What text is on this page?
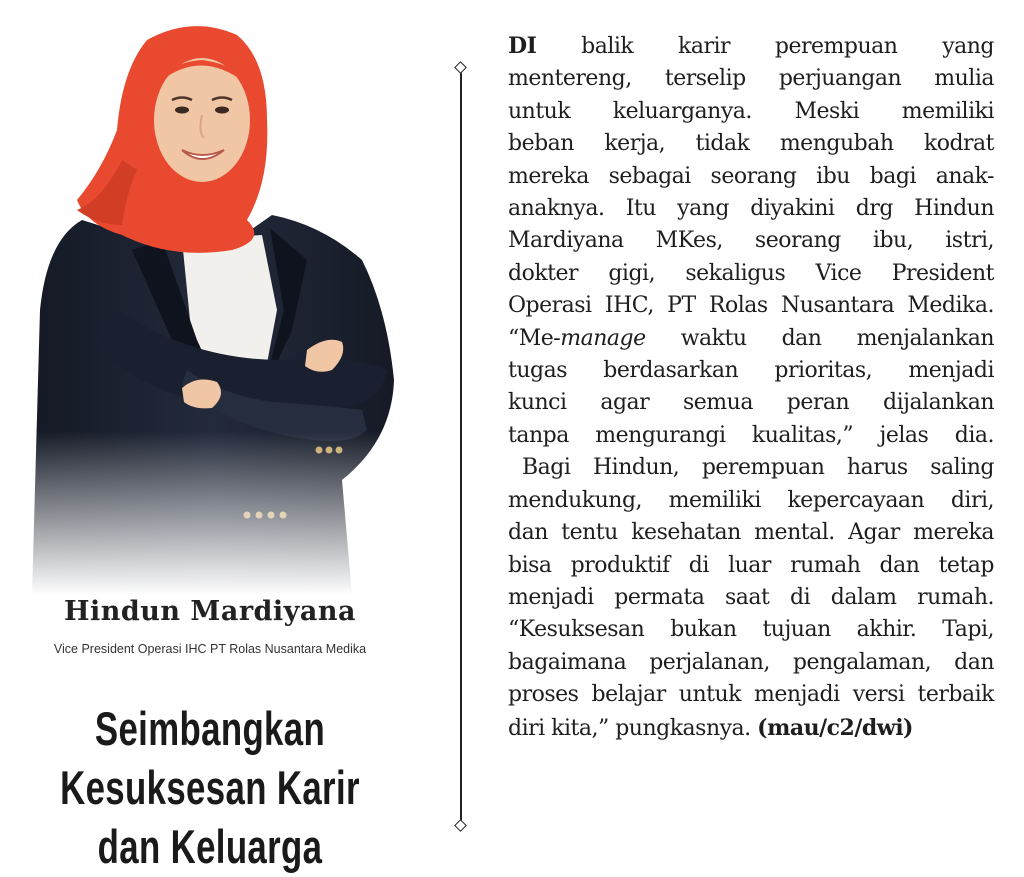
Hindun Mardiyana
Vice President Operasi IHC PT Rolas Nusantara Medika
Seimbangkan
Kesuksesan Karir
dan Keluarga
DI balik karir perempuan yang
mentereng, terselip perjuangan mulia
untuk keluarganya. Meski memiliki
beban kerja, tidak mengubah kodrat
mereka sebagai seorang ibu bagi anak-
anaknya. Itu yang diyakini drg Hindun
Mardiyana MKes, seorang ibu, istri,
dokter gigi, sekaligus Vice President
Operasi IHC, PT Rolas Nusantara Medika.
“Me-manage waktu dan menjalankan
tugas berdasarkan prioritas, menjadi
kunci agar semua peran dijalankan
tanpa mengurangi kualitas,” jelas dia.
Bagi Hindun, perempuan harus saling
mendukung, memiliki kepercayaan diri,
dan tentu kesehatan mental. Agar mereka
bisa produktif di luar rumah dan tetap
menjadi permata saat di dalam rumah.
“Kesuksesan bukan tujuan akhir. Tapi,
bagaimana perjalanan, pengalaman, dan
proses belajar untuk menjadi versi terbaik
diri kita,” pungkasnya. (mau/c2/dwi)
